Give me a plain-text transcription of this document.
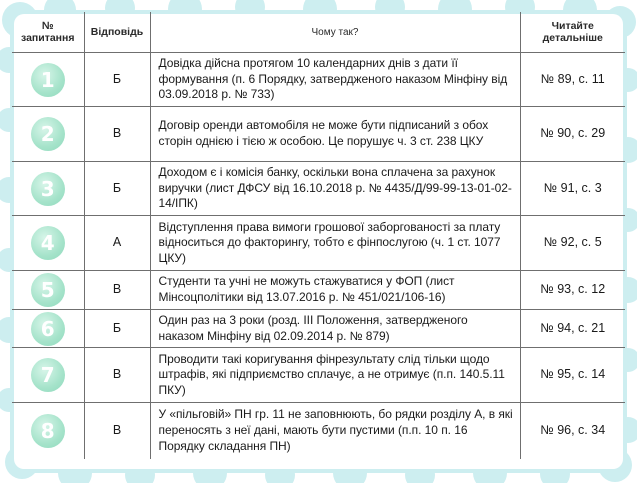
№ запитання	Відповідь	Чому так?	Читайте детальніше
1	Б	Довідка дійсна протягом 10 календарних днів з дати її формування (п. 6 Порядку, затвердженого наказом Мінфіну від 03.09.2018 р. № 733)	№ 89, с. 11
2	В	Договір оренди автомобіля не може бути підписаний з обох сторін однією і тією ж особою. Це порушує ч. 3 ст. 238 ЦКУ	№ 90, с. 29
3	Б	Доходом є і комісія банку, оскільки вона сплачена за рахунок виручки (лист ДФСУ від 16.10.2018 р. № 4435/Д/99-99-13-01-02-14/ІПК)	№ 91, с. 3
4	А	Відступлення права вимоги грошової заборгованості за плату відноситься до факторингу, тобто є фінпослугою (ч. 1 ст. 1077 ЦКУ)	№ 92, с. 5
5	В	Студенти та учні не можуть стажуватися у ФОП (лист Мінсоцполітики від 13.07.2016 р. № 451/021/106-16)	№ 93, с. 12
6	Б	Один раз на 3 роки (розд. ІІІ Положення, затвердженого наказом Мінфіну від 02.09.2014 р. № 879)	№ 94, с. 21
7	В	Проводити такі коригування фінрезультату слід тільки щодо штрафів, які підприємство сплачує, а не отримує (п.п. 140.5.11 ПКУ)	№ 95, с. 14
8	В	У «пільговій» ПН гр. 11 не заповнюють, бо рядки розділу А, в які переносять з неї дані, мають бути пустими (п.п. 10 п. 16 Порядку складання ПН)	№ 96, с. 34
